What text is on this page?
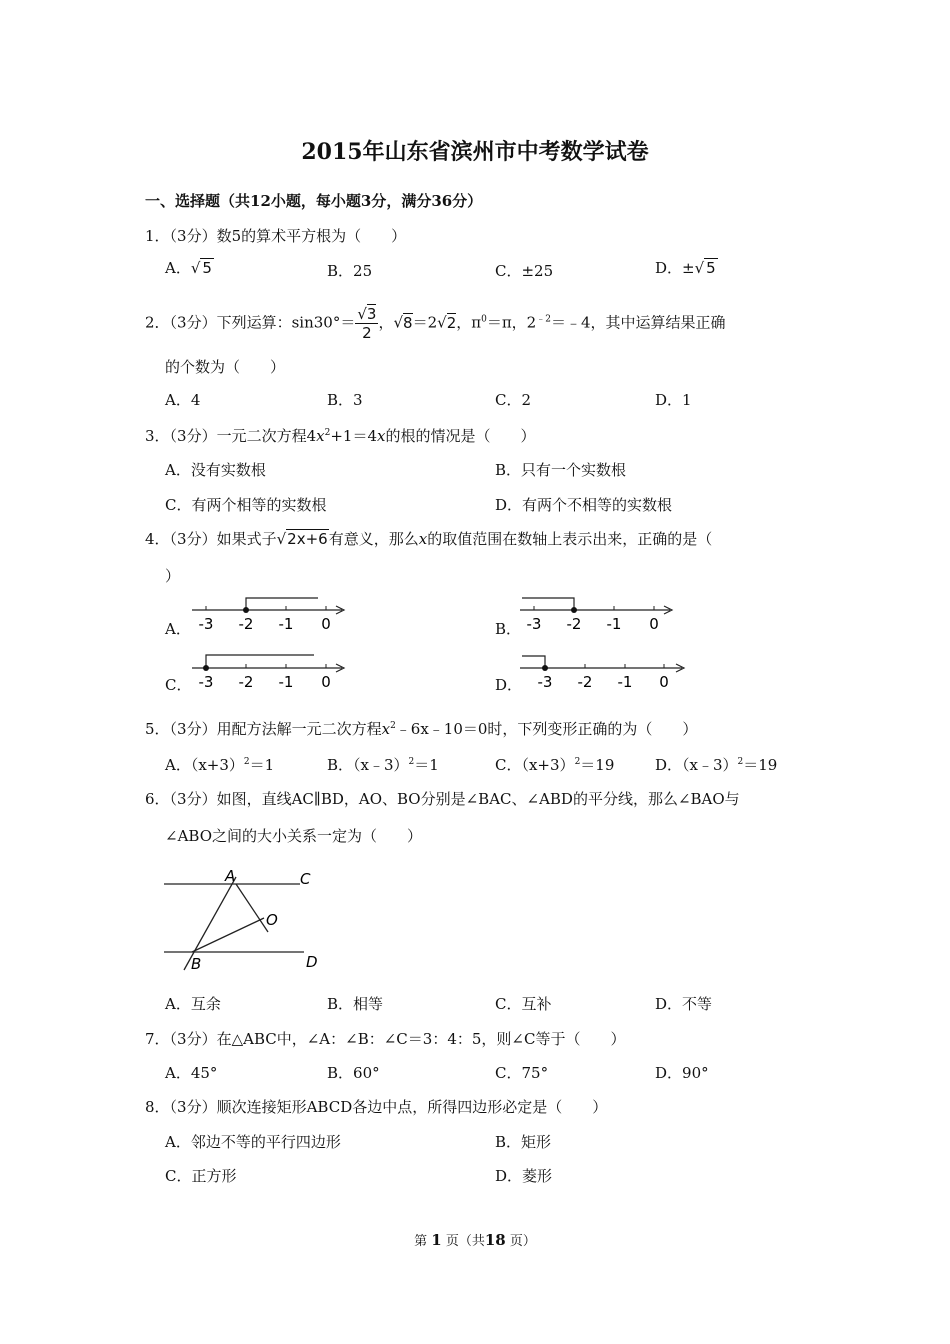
2015年山东省滨州市中考数学试卷
一、选择题（共12小题，每小题3分，满分36分）
1．（3分）数5的算术平方根为（　　）
A．√ 5	B．25	C．±25	D．±√ 5
2．（3分）下列运算：$\sin 30^\circ= \frac{√3}{2}$ ，√8＝2√2，$\pi^0=\pi$，$2^{﹣2}=﹣4$，其中运算结果正确
的个数为（　　）
A．4	B．3	C．2	D．1
3．（3分）一元二次方程$4x^2+1=4x$的根的情况是（　　）
A．没有实数根	B．只有一个实数根
C．有两个相等的实数根	D．有两个不相等的实数根
4．（3分）如果式子√2x+6有意义，那么x的取值范围在数轴上表示出来，正确的是（
）
A．	B．
C．	D．
-3 -2 -1 0	-3 -2 -1 0
-3 -2 -1 0	-3 -2 -1 0
5．（3分）用配方法解一元二次方程$x^2﹣6x﹣10=0$时，下列变形正确的为（　　）
A．$(x+3)^2=1$	B．（x﹣3）$^2$＝1	C．$(x+3)^2=19$	D．（x﹣3）$^2$＝19
6．（3分）如图，直线AC∥BD，AO、BO分别是∠BAC、∠ABD的平分线，那么∠BAO与
∠ABO之间的大小关系一定为（　　）
A	C
O
B	D
A．互余	B．相等	C．互补	D．不等
7．（3分）在△ABC中，∠A：∠B：∠C＝3：4：5，则∠C等于（　　）
A．45°	B．60°	C．75°	D．90°
8．（3分）顺次连接矩形ABCD各边中点，所得四边形必定是（　　）
A．邻边不等的平行四边形	B．矩形
C．正方形	D．菱形
第 1 页（共18 页）
